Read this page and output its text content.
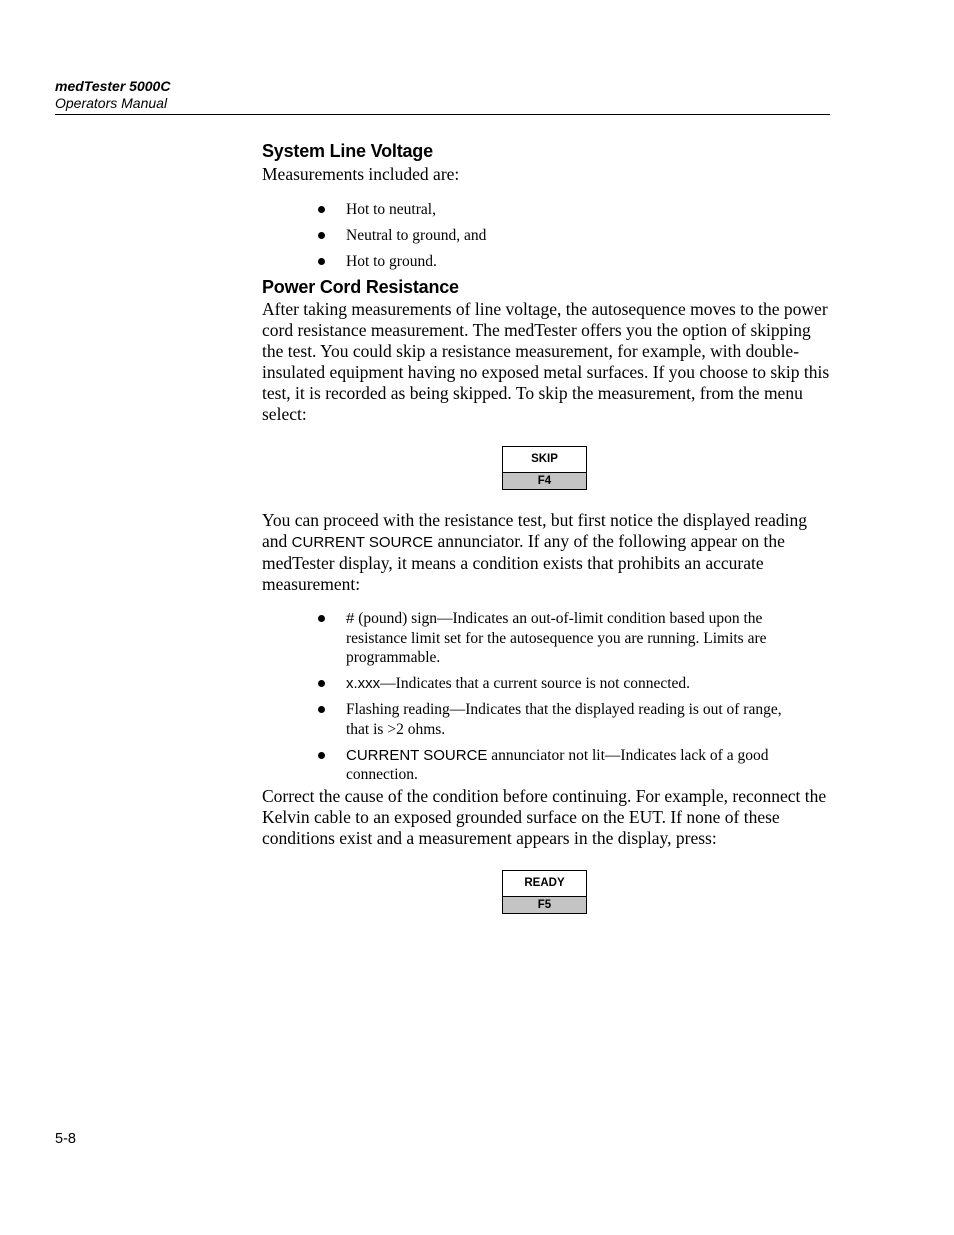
medTester 5000C
Operators Manual
System Line Voltage

Measurements included are:

Hot to neutral,
Neutral to ground, and
Hot to ground.
Power Cord Resistance

After taking measurements of line voltage, the autosequence moves to the power cord resistance measurement. The medTester offers you the option of skipping the test. You could skip a resistance measurement, for example, with double-insulated equipment having no exposed metal surfaces. If you choose to skip this test, it is recorded as being skipped. To skip the measurement, from the menu select:

SKIP
F4

You can proceed with the resistance test, but first notice the displayed reading and CURRENT SOURCE annunciator. If any of the following appear on the medTester display, it means a condition exists that prohibits an accurate measurement:

# (pound) sign—Indicates an out-of-limit condition based upon the resistance limit set for the autosequence you are running. Limits are programmable.
x.xxx—Indicates that a current source is not connected.
Flashing reading—Indicates that the displayed reading is out of range, that is >2 ohms.
CURRENT SOURCE annunciator not lit—Indicates lack of a good connection.

Correct the cause of the condition before continuing. For example, reconnect the Kelvin cable to an exposed grounded surface on the EUT. If none of these conditions exist and a measurement appears in the display, press:

READY
F5
5-8
